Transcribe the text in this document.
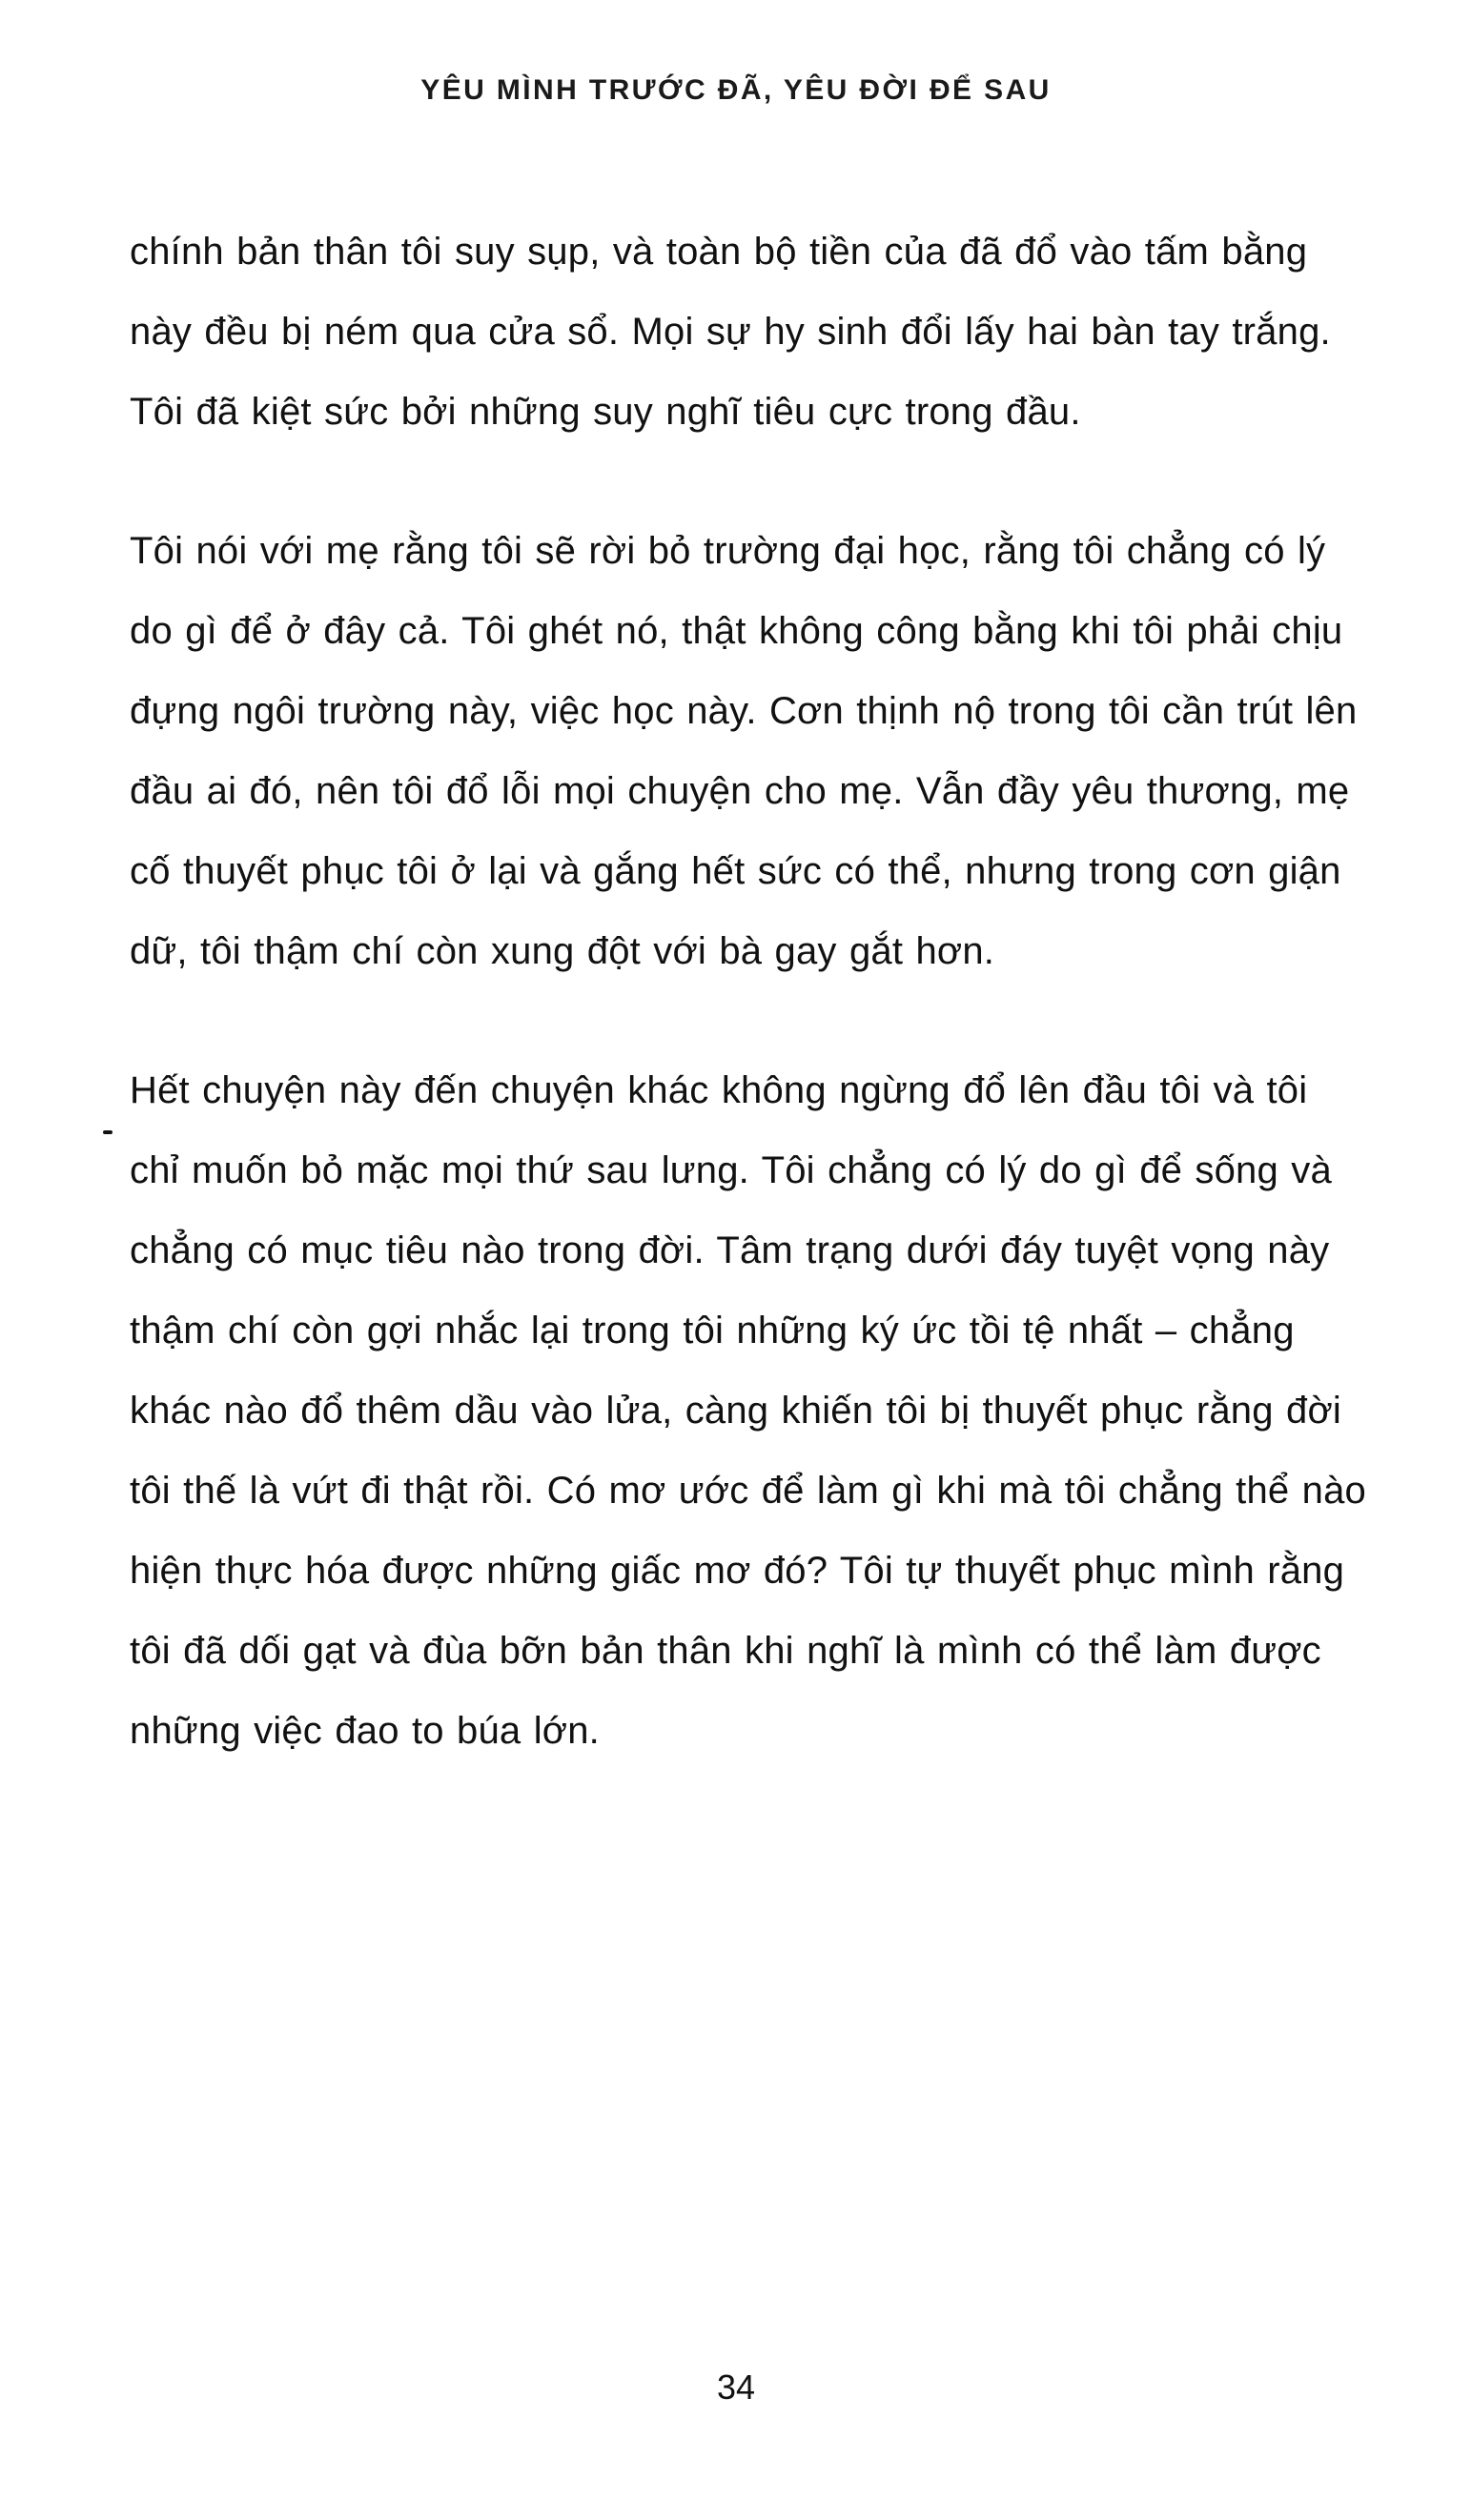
YÊU MÌNH TRƯỚC ĐÃ, YÊU ĐỜI ĐỂ SAU

chính bản thân tôi suy sụp, và toàn bộ tiền của đã đổ vào tấm bằng này đều bị ném qua cửa sổ. Mọi sự hy sinh đổi lấy hai bàn tay trắng. Tôi đã kiệt sức bởi những suy nghĩ tiêu cực trong đầu.

Tôi nói với mẹ rằng tôi sẽ rời bỏ trường đại học, rằng tôi chẳng có lý do gì để ở đây cả. Tôi ghét nó, thật không công bằng khi tôi phải chịu đựng ngôi trường này, việc học này. Cơn thịnh nộ trong tôi cần trút lên đầu ai đó, nên tôi đổ lỗi mọi chuyện cho mẹ. Vẫn đầy yêu thương, mẹ cố thuyết phục tôi ở lại và gắng hết sức có thể, nhưng trong cơn giận dữ, tôi thậm chí còn xung đột với bà gay gắt hơn.

Hết chuyện này đến chuyện khác không ngừng đổ lên đầu tôi và tôi chỉ muốn bỏ mặc mọi thứ sau lưng. Tôi chẳng có lý do gì để sống và chẳng có mục tiêu nào trong đời. Tâm trạng dưới đáy tuyệt vọng này thậm chí còn gợi nhắc lại trong tôi những ký ức tồi tệ nhất – chẳng khác nào đổ thêm dầu vào lửa, càng khiến tôi bị thuyết phục rằng đời tôi thế là vứt đi thật rồi. Có mơ ước để làm gì khi mà tôi chẳng thể nào hiện thực hóa được những giấc mơ đó? Tôi tự thuyết phục mình rằng tôi đã dối gạt và đùa bỡn bản thân khi nghĩ là mình có thể làm được những việc đao to búa lớn.

34
